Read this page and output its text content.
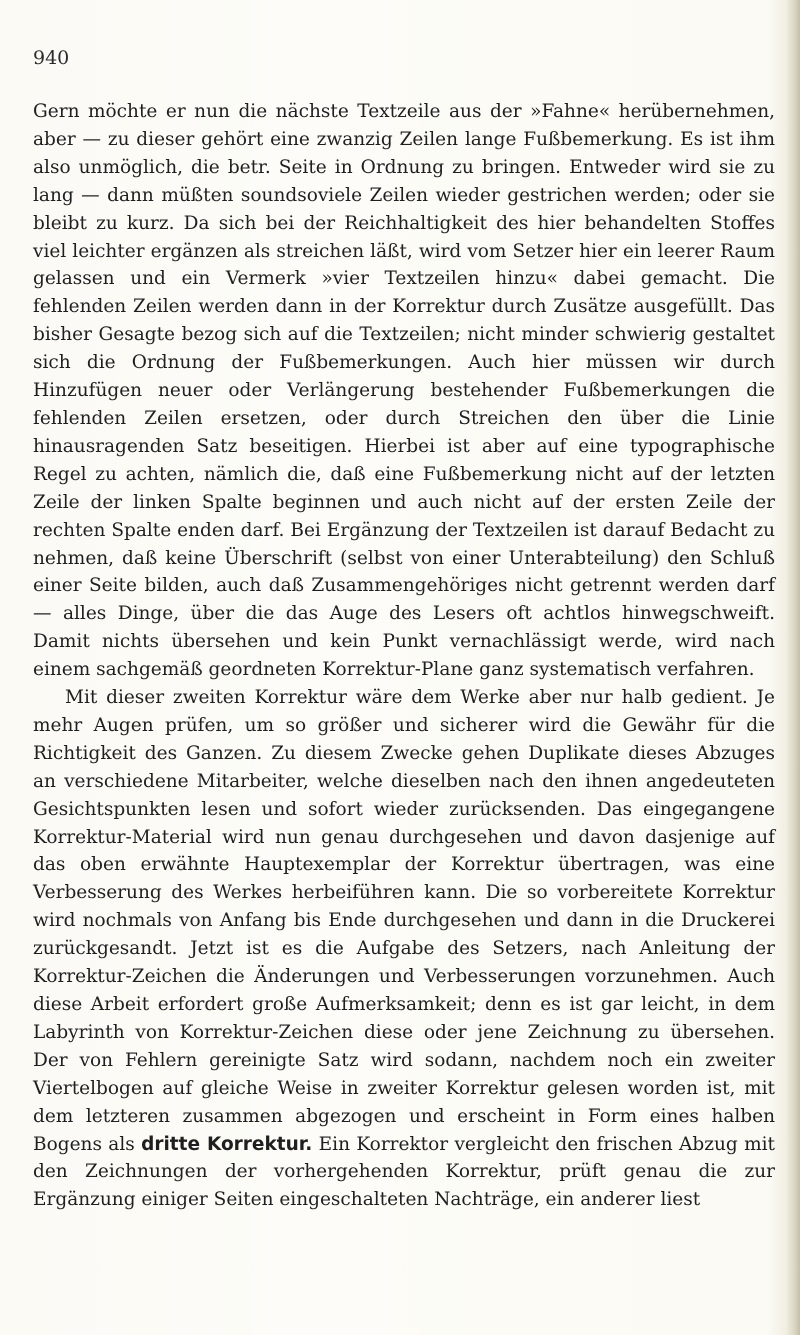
940

Gern möchte er nun die nächste Textzeile aus der »Fahne« herübernehmen, aber — zu dieser gehört eine zwanzig Zeilen lange Fußbemerkung. Es ist ihm also unmöglich, die betr. Seite in Ordnung zu bringen. Entweder wird sie zu lang — dann müßten soundsoviele Zeilen wieder gestrichen werden; oder sie bleibt zu kurz. Da sich bei der Reichhaltigkeit des hier behandelten Stoffes viel leichter ergänzen als streichen läßt, wird vom Setzer hier ein leerer Raum gelassen und ein Vermerk »vier Textzeilen hinzu« dabei gemacht. Die fehlenden Zeilen werden dann in der Korrektur durch Zusätze ausgefüllt. Das bisher Gesagte bezog sich auf die Textzeilen; nicht minder schwierig gestaltet sich die Ordnung der Fußbemerkungen. Auch hier müssen wir durch Hinzufügen neuer oder Verlängerung bestehender Fußbemerkungen die fehlenden Zeilen ersetzen, oder durch Streichen den über die Linie hinausragenden Satz beseitigen. Hierbei ist aber auf eine typographische Regel zu achten, nämlich die, daß eine Fußbemerkung nicht auf der letzten Zeile der linken Spalte beginnen und auch nicht auf der ersten Zeile der rechten Spalte enden darf. Bei Ergänzung der Textzeilen ist darauf Bedacht zu nehmen, daß keine Überschrift (selbst von einer Unterabteilung) den Schluß einer Seite bilden, auch daß Zusammengehöriges nicht getrennt werden darf — alles Dinge, über die das Auge des Lesers oft achtlos hinwegschweift. Damit nichts übersehen und kein Punkt vernachlässigt werde, wird nach einem sachgemäß geordneten Korrektur-Plane ganz systematisch verfahren.

Mit dieser zweiten Korrektur wäre dem Werke aber nur halb gedient. Je mehr Augen prüfen, um so größer und sicherer wird die Gewähr für die Richtigkeit des Ganzen. Zu diesem Zwecke gehen Duplikate dieses Abzuges an verschiedene Mitarbeiter, welche dieselben nach den ihnen angedeuteten Gesichtspunkten lesen und sofort wieder zurücksenden. Das eingegangene Korrektur-Material wird nun genau durchgesehen und davon dasjenige auf das oben erwähnte Hauptexemplar der Korrektur übertragen, was eine Verbesserung des Werkes herbeiführen kann. Die so vorbereitete Korrektur wird nochmals von Anfang bis Ende durchgesehen und dann in die Druckerei zurückgesandt. Jetzt ist es die Aufgabe des Setzers, nach Anleitung der Korrektur-Zeichen die Änderungen und Verbesserungen vorzunehmen. Auch diese Arbeit erfordert große Aufmerksamkeit; denn es ist gar leicht, in dem Labyrinth von Korrektur-Zeichen diese oder jene Zeichnung zu übersehen. Der von Fehlern gereinigte Satz wird sodann, nachdem noch ein zweiter Viertelbogen auf gleiche Weise in zweiter Korrektur gelesen worden ist, mit dem letzteren zusammen abgezogen und erscheint in Form eines halben Bogens als dritte Korrektur. Ein Korrektor vergleicht den frischen Abzug mit den Zeichnungen der vorhergehenden Korrektur, prüft genau die zur Ergänzung einiger Seiten eingeschalteten Nachträge, ein anderer liest
